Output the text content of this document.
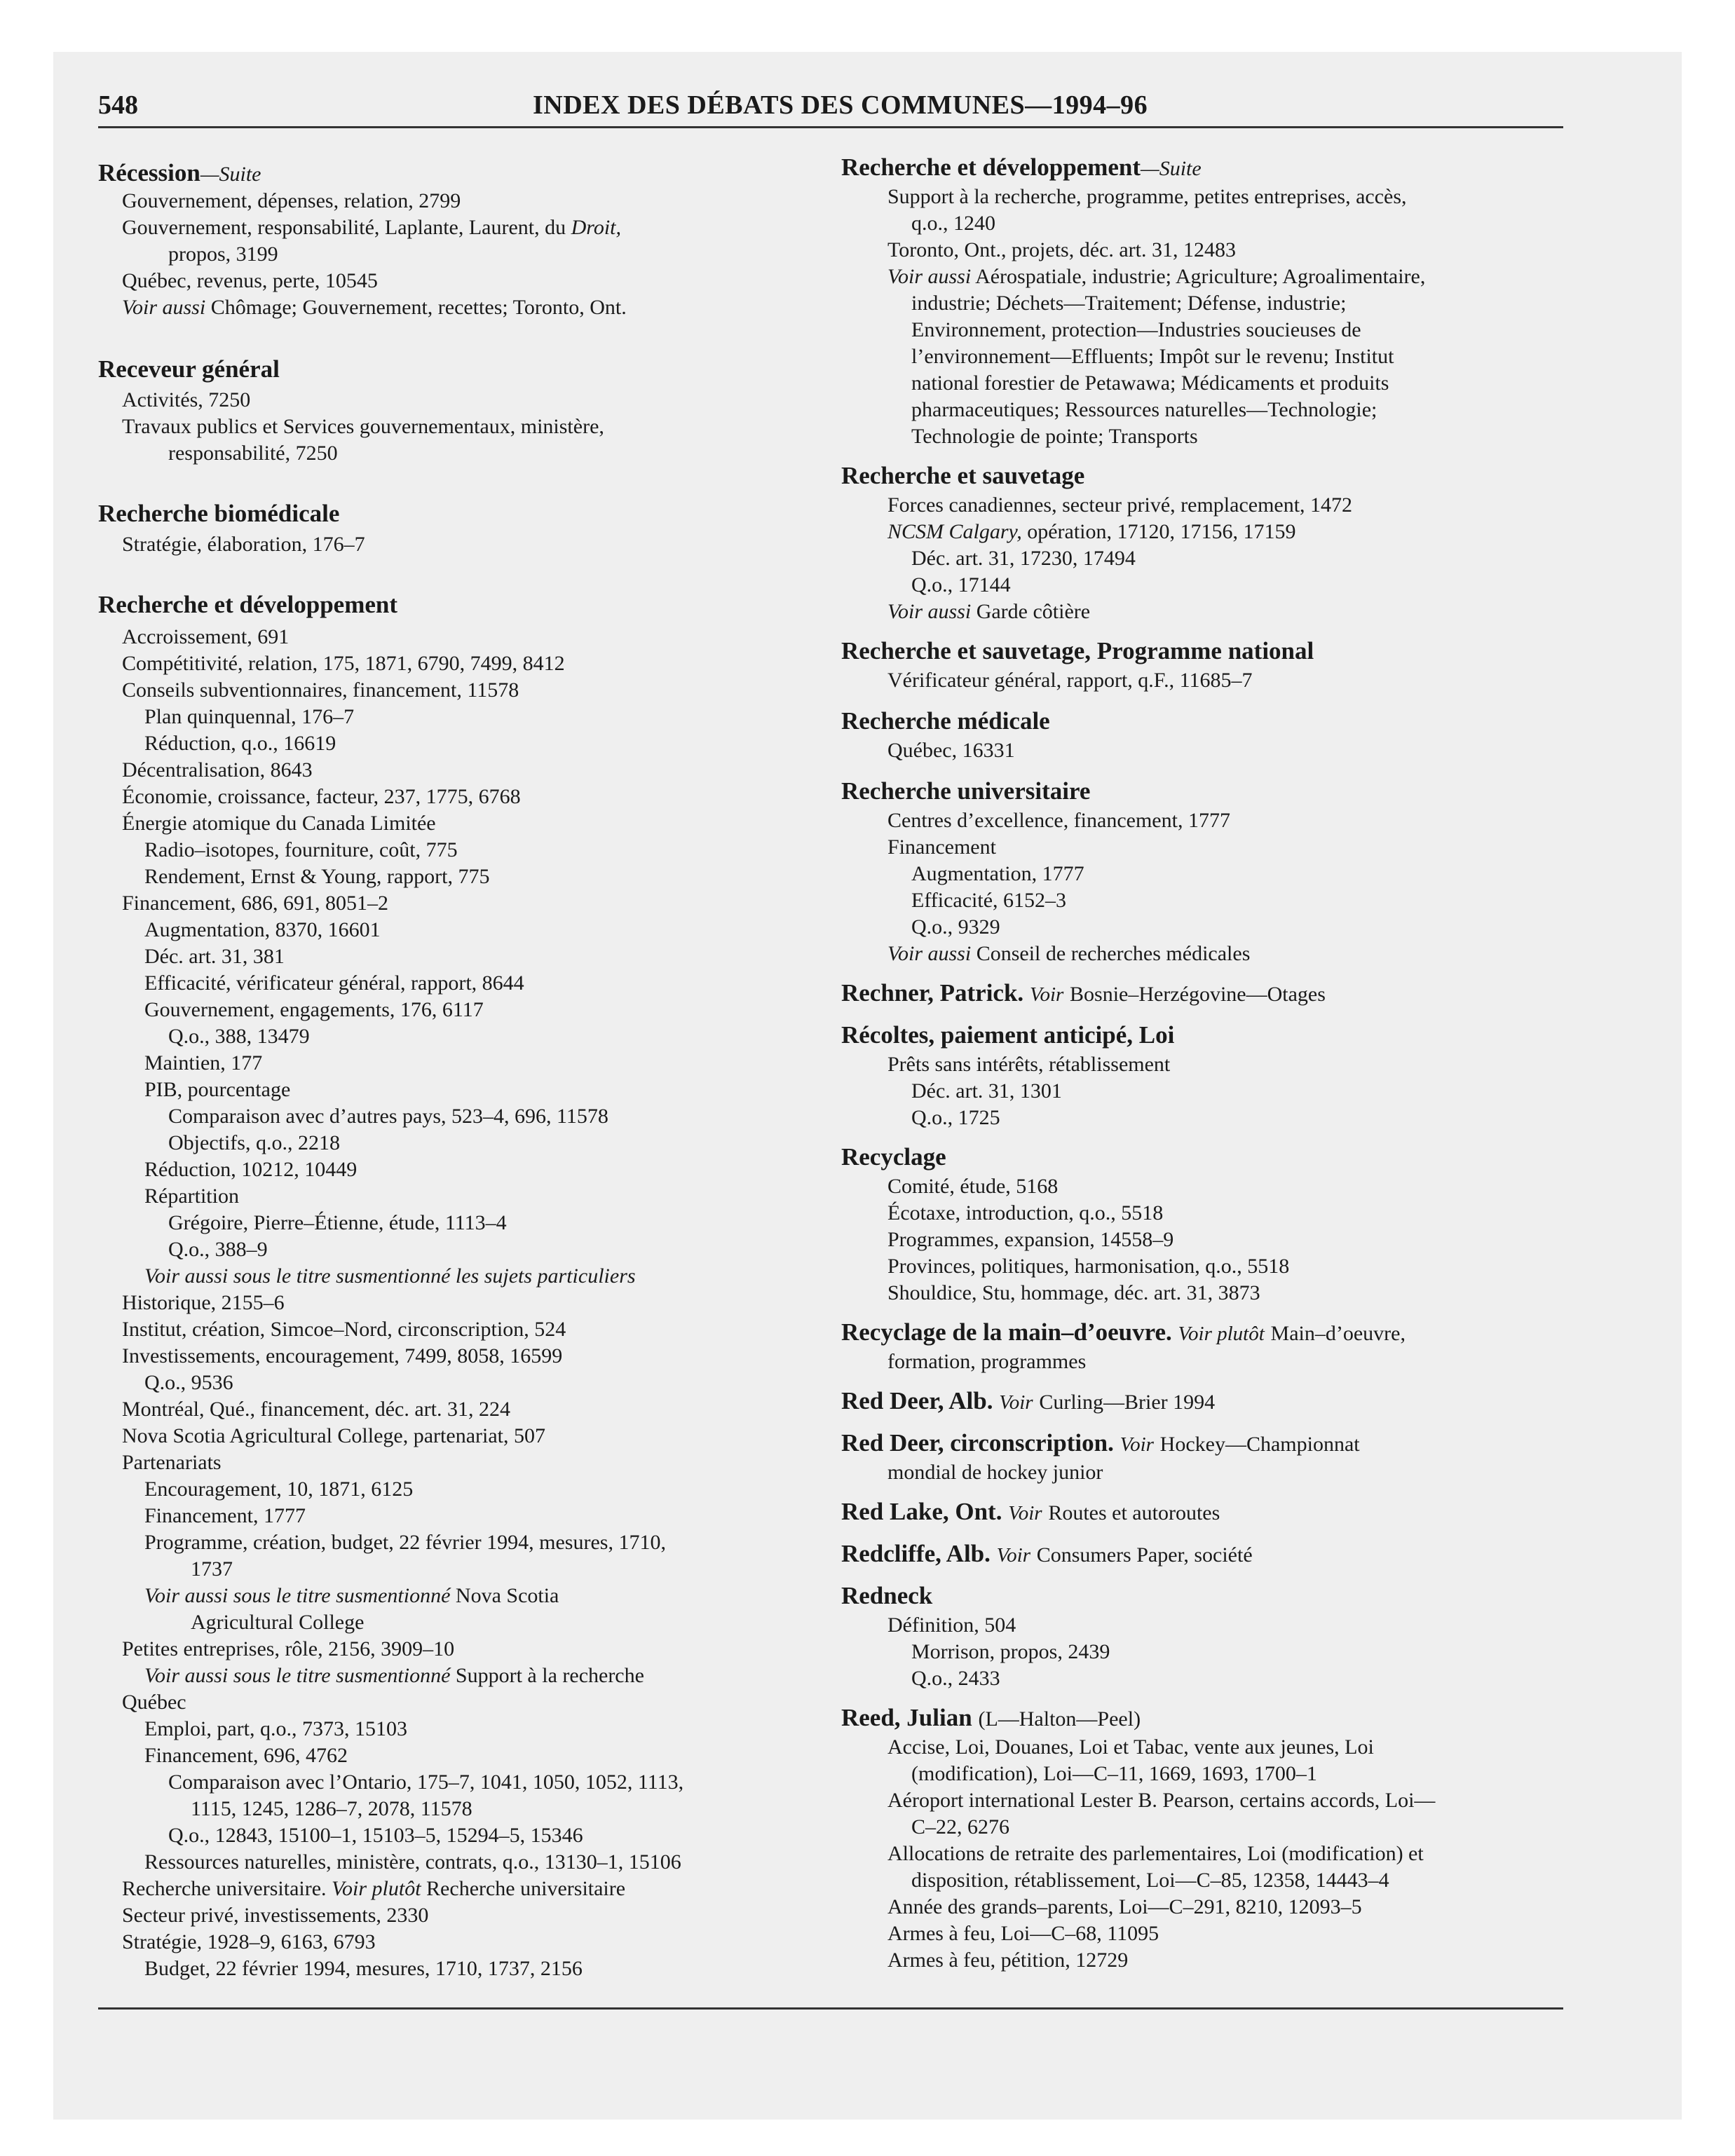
548	INDEX DES DÉBATS DES COMMUNES—1994–96
Récession—Suite
Gouvernement, dépenses, relation, 2799
Gouvernement, responsabilité, Laplante, Laurent, du Droit,
propos, 3199
Québec, revenus, perte, 10545
Voir aussi Chômage; Gouvernement, recettes; Toronto, Ont.
Receveur général
Activités, 7250
Travaux publics et Services gouvernementaux, ministère,
responsabilité, 7250
Recherche biomédicale
Stratégie, élaboration, 176–7
Recherche et développement
Accroissement, 691
Compétitivité, relation, 175, 1871, 6790, 7499, 8412
Conseils subventionnaires, financement, 11578
Plan quinquennal, 176–7
Réduction, q.o., 16619
Décentralisation, 8643
Économie, croissance, facteur, 237, 1775, 6768
Énergie atomique du Canada Limitée
Radio–isotopes, fourniture, coût, 775
Rendement, Ernst & Young, rapport, 775
Financement, 686, 691, 8051–2
Augmentation, 8370, 16601
Déc. art. 31, 381
Efficacité, vérificateur général, rapport, 8644
Gouvernement, engagements, 176, 6117
Q.o., 388, 13479
Maintien, 177
PIB, pourcentage
Comparaison avec d’autres pays, 523–4, 696, 11578
Objectifs, q.o., 2218
Réduction, 10212, 10449
Répartition
Grégoire, Pierre–Étienne, étude, 1113–4
Q.o., 388–9
Voir aussi sous le titre susmentionné les sujets particuliers
Historique, 2155–6
Institut, création, Simcoe–Nord, circonscription, 524
Investissements, encouragement, 7499, 8058, 16599
Q.o., 9536
Montréal, Qué., financement, déc. art. 31, 224
Nova Scotia Agricultural College, partenariat, 507
Partenariats
Encouragement, 10, 1871, 6125
Financement, 1777
Programme, création, budget, 22 février 1994, mesures, 1710,
1737
Voir aussi sous le titre susmentionné Nova Scotia
Agricultural College
Petites entreprises, rôle, 2156, 3909–10
Voir aussi sous le titre susmentionné Support à la recherche
Québec
Emploi, part, q.o., 7373, 15103
Financement, 696, 4762
Comparaison avec l’Ontario, 175–7, 1041, 1050, 1052, 1113,
1115, 1245, 1286–7, 2078, 11578
Q.o., 12843, 15100–1, 15103–5, 15294–5, 15346
Ressources naturelles, ministère, contrats, q.o., 13130–1, 15106
Recherche universitaire. Voir plutôt Recherche universitaire
Secteur privé, investissements, 2330
Stratégie, 1928–9, 6163, 6793
Budget, 22 février 1994, mesures, 1710, 1737, 2156
Recherche et développement—Suite
Support à la recherche, programme, petites entreprises, accès,
q.o., 1240
Toronto, Ont., projets, déc. art. 31, 12483
Voir aussi Aérospatiale, industrie; Agriculture; Agroalimentaire,
industrie; Déchets—Traitement; Défense, industrie;
Environnement, protection—Industries soucieuses de
l’environnement—Effluents; Impôt sur le revenu; Institut
national forestier de Petawawa; Médicaments et produits
pharmaceutiques; Ressources naturelles—Technologie;
Technologie de pointe; Transports
Recherche et sauvetage
Forces canadiennes, secteur privé, remplacement, 1472
NCSM Calgary, opération, 17120, 17156, 17159
Déc. art. 31, 17230, 17494
Q.o., 17144
Voir aussi Garde côtière
Recherche et sauvetage, Programme national
Vérificateur général, rapport, q.F., 11685–7
Recherche médicale
Québec, 16331
Recherche universitaire
Centres d’excellence, financement, 1777
Financement
Augmentation, 1777
Efficacité, 6152–3
Q.o., 9329
Voir aussi Conseil de recherches médicales
Rechner, Patrick. Voir Bosnie–Herzégovine—Otages
Récoltes, paiement anticipé, Loi
Prêts sans intérêts, rétablissement
Déc. art. 31, 1301
Q.o., 1725
Recyclage
Comité, étude, 5168
Écotaxe, introduction, q.o., 5518
Programmes, expansion, 14558–9
Provinces, politiques, harmonisation, q.o., 5518
Shouldice, Stu, hommage, déc. art. 31, 3873
Recyclage de la main–d’oeuvre. Voir plutôt Main–d’oeuvre,
formation, programmes
Red Deer, Alb. Voir Curling—Brier 1994
Red Deer, circonscription. Voir Hockey—Championnat
mondial de hockey junior
Red Lake, Ont. Voir Routes et autoroutes
Redcliffe, Alb. Voir Consumers Paper, société
Redneck
Définition, 504
Morrison, propos, 2439
Q.o., 2433
Reed, Julian (L—Halton—Peel)
Accise, Loi, Douanes, Loi et Tabac, vente aux jeunes, Loi
(modification), Loi—C–11, 1669, 1693, 1700–1
Aéroport international Lester B. Pearson, certains accords, Loi—
C–22, 6276
Allocations de retraite des parlementaires, Loi (modification) et
disposition, rétablissement, Loi—C–85, 12358, 14443–4
Année des grands–parents, Loi—C–291, 8210, 12093–5
Armes à feu, Loi—C–68, 11095
Armes à feu, pétition, 12729
